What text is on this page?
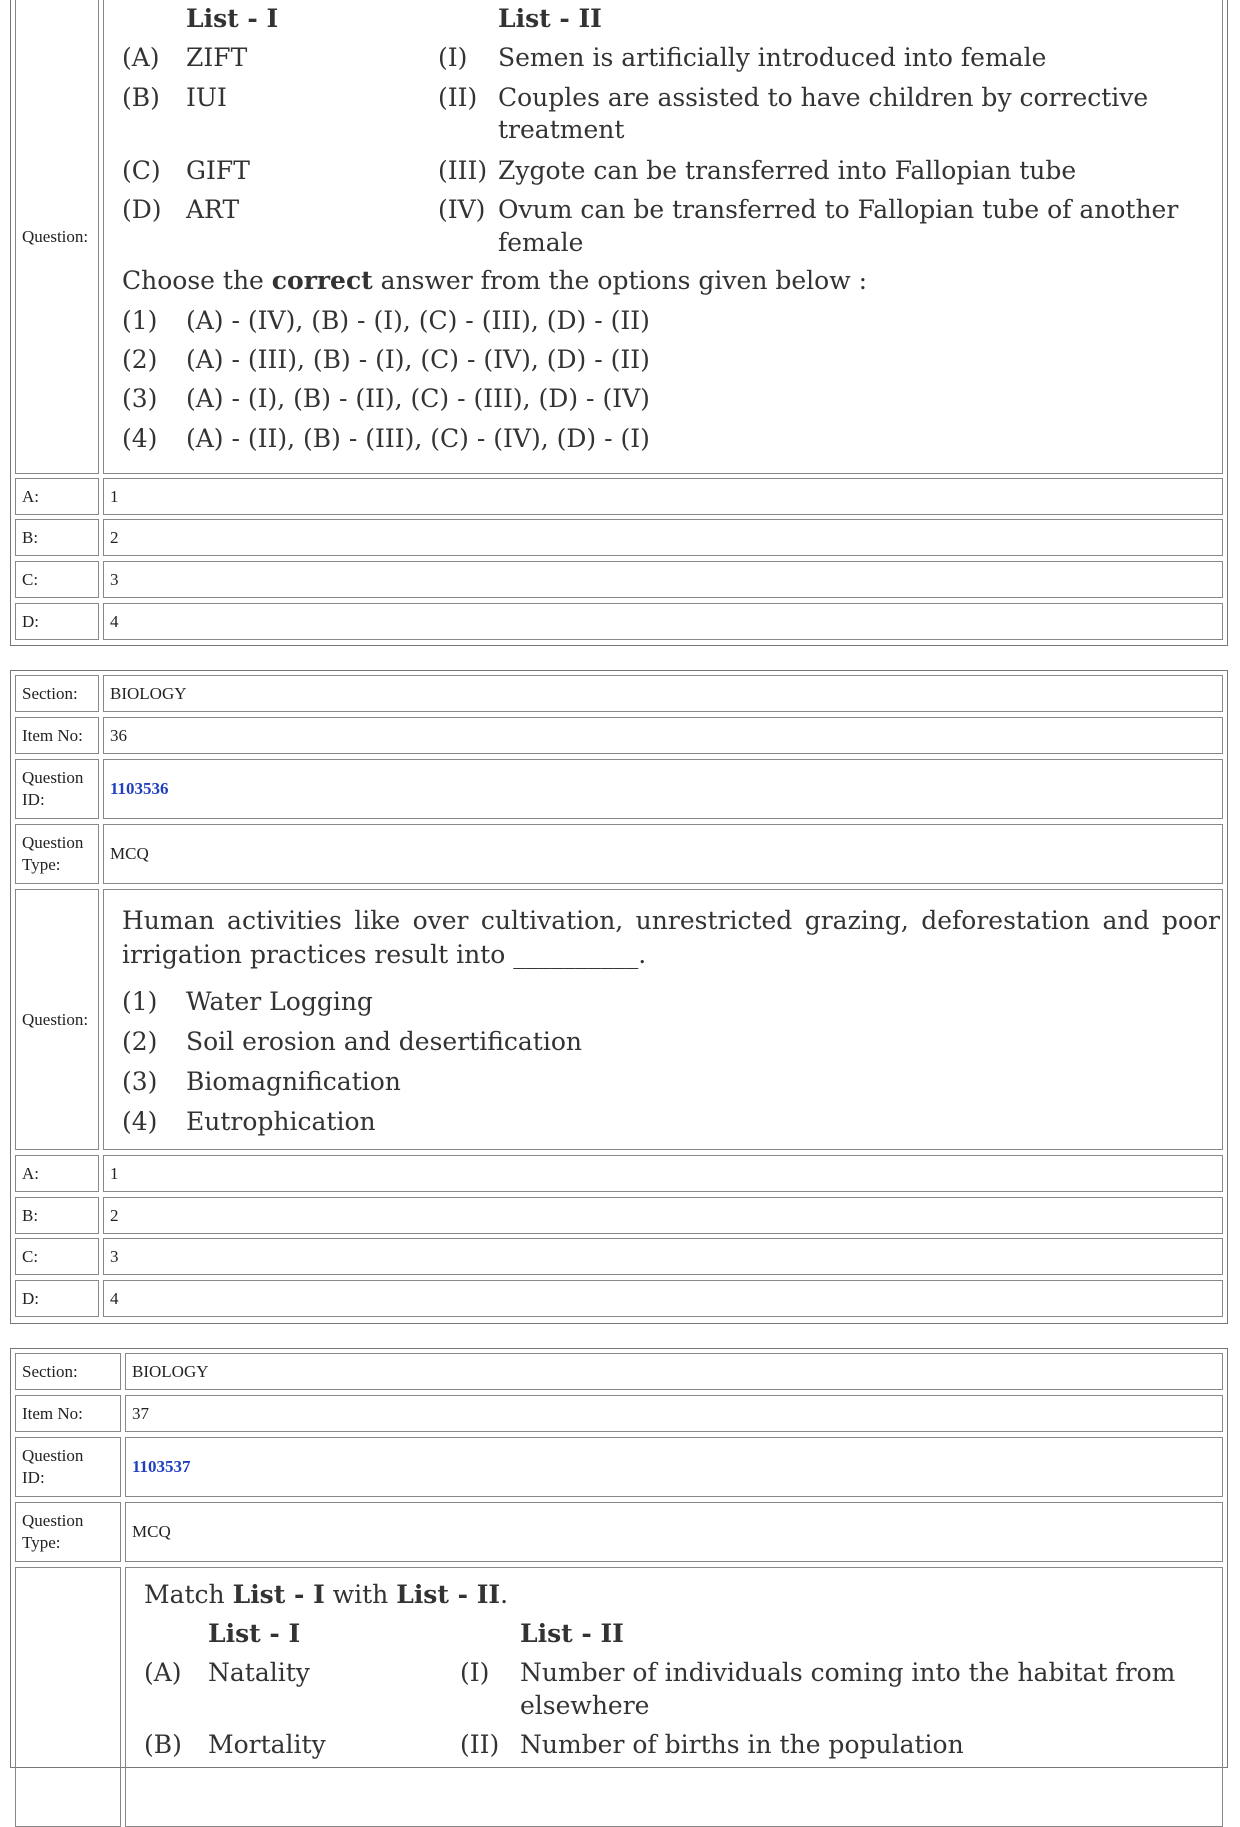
Question:
List - I	List - II
(A) ZIFT	(I) Semen is artificially introduced into female
(B) IUI	(II) Couples are assisted to have children by corrective
treatment
(C) GIFT	(III) Zygote can be transferred into Fallopian tube
(D) ART	(IV) Ovum can be transferred to Fallopian tube of another
female
Choose the correct answer from the options given below :
(1) (A) - (IV), (B) - (I), (C) - (III), (D) - (II)
(2) (A) - (III), (B) - (I), (C) - (IV), (D) - (II)
(3) (A) - (I), (B) - (II), (C) - (III), (D) - (IV)
(4) (A) - (II), (B) - (III), (C) - (IV), (D) - (I)
A:	1
B:	2
C:	3
D:	4
Section:	BIOLOGY
Item No:	36
Question
ID:
1103536
Question
Type:
MCQ
Question:
Human activities like over cultivation, unrestricted grazing, deforestation and poor irrigation practices result into __________.
(1) Water Logging
(2) Soil erosion and desertification
(3) Biomagnification
(4) Eutrophication
A:	1
B:	2
C:	3
D:	4
Section:	BIOLOGY
Item No:	37
Question
ID:
1103537
Question
Type:
MCQ
Match List - I with List - II.
List - I	List - II
(A) Natality	(I) Number of individuals coming into the habitat from
elsewhere
(B) Mortality	(II) Number of births in the population
